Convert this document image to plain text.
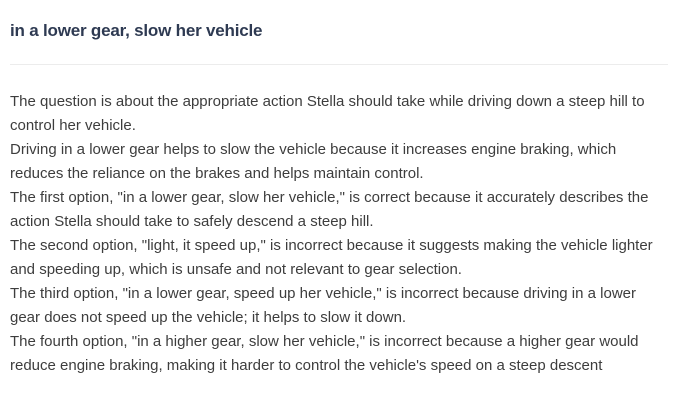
in a lower gear, slow her vehicle
The question is about the appropriate action Stella should take while driving down a steep hill to control her vehicle.
Driving in a lower gear helps to slow the vehicle because it increases engine braking, which reduces the reliance on the brakes and helps maintain control.
The first option, "in a lower gear, slow her vehicle," is correct because it accurately describes the action Stella should take to safely descend a steep hill.
The second option, "light, it speed up," is incorrect because it suggests making the vehicle lighter and speeding up, which is unsafe and not relevant to gear selection.
The third option, "in a lower gear, speed up her vehicle," is incorrect because driving in a lower gear does not speed up the vehicle; it helps to slow it down.
The fourth option, "in a higher gear, slow her vehicle," is incorrect because a higher gear would reduce engine braking, making it harder to control the vehicle's speed on a steep descent
